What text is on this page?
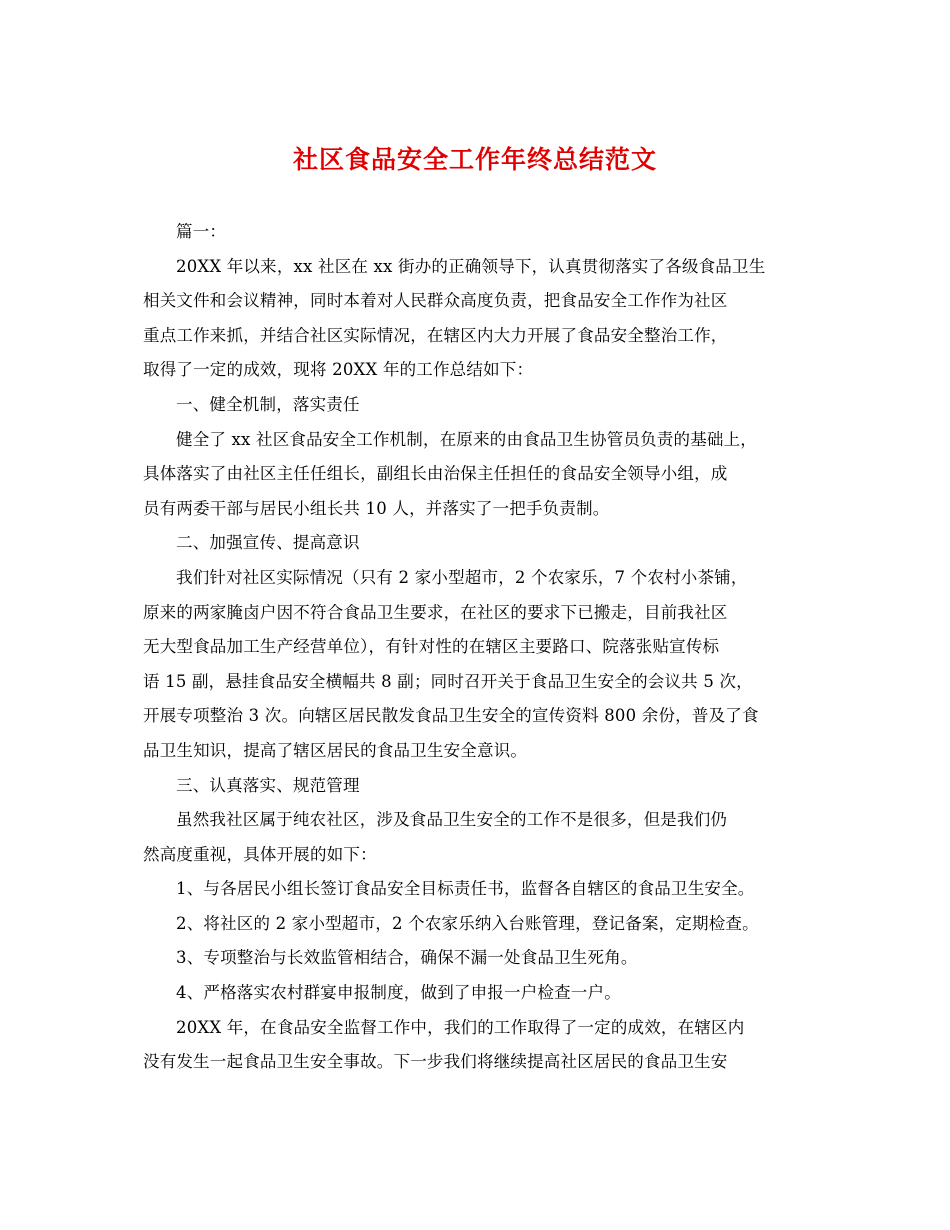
社区食品安全工作年终总结范文
篇一：
20XX 年以来，xx 社区在 xx 街办的正确领导下，认真贯彻落实了各级食品卫生
相关文件和会议精神，同时本着对人民群众高度负责，把食品安全工作作为社区
重点工作来抓，并结合社区实际情况，在辖区内大力开展了食品安全整治工作，
取得了一定的成效，现将 20XX 年的工作总结如下：
一、健全机制，落实责任
健全了 xx 社区食品安全工作机制，在原来的由食品卫生协管员负责的基础上，
具体落实了由社区主任任组长，副组长由治保主任担任的食品安全领导小组，成
员有两委干部与居民小组长共 10 人，并落实了一把手负责制。
二、加强宣传、提高意识
我们针对社区实际情况（只有 2 家小型超市，2 个农家乐，7 个农村小茶铺，
原来的两家腌卤户因不符合食品卫生要求，在社区的要求下已搬走，目前我社区
无大型食品加工生产经营单位），有针对性的在辖区主要路口、院落张贴宣传标
语 15 副，悬挂食品安全横幅共 8 副；同时召开关于食品卫生安全的会议共 5 次，
开展专项整治 3 次。向辖区居民散发食品卫生安全的宣传资料 800 余份，普及了食
品卫生知识，提高了辖区居民的食品卫生安全意识。
三、认真落实、规范管理
虽然我社区属于纯农社区，涉及食品卫生安全的工作不是很多，但是我们仍
然高度重视，具体开展的如下：
1、与各居民小组长签订食品安全目标责任书，监督各自辖区的食品卫生安全。
2、将社区的 2 家小型超市，2 个农家乐纳入台账管理，登记备案，定期检查。
3、专项整治与长效监管相结合，确保不漏一处食品卫生死角。
4、严格落实农村群宴申报制度，做到了申报一户检查一户。
20XX 年，在食品安全监督工作中，我们的工作取得了一定的成效，在辖区内
没有发生一起食品卫生安全事故。下一步我们将继续提高社区居民的食品卫生安
